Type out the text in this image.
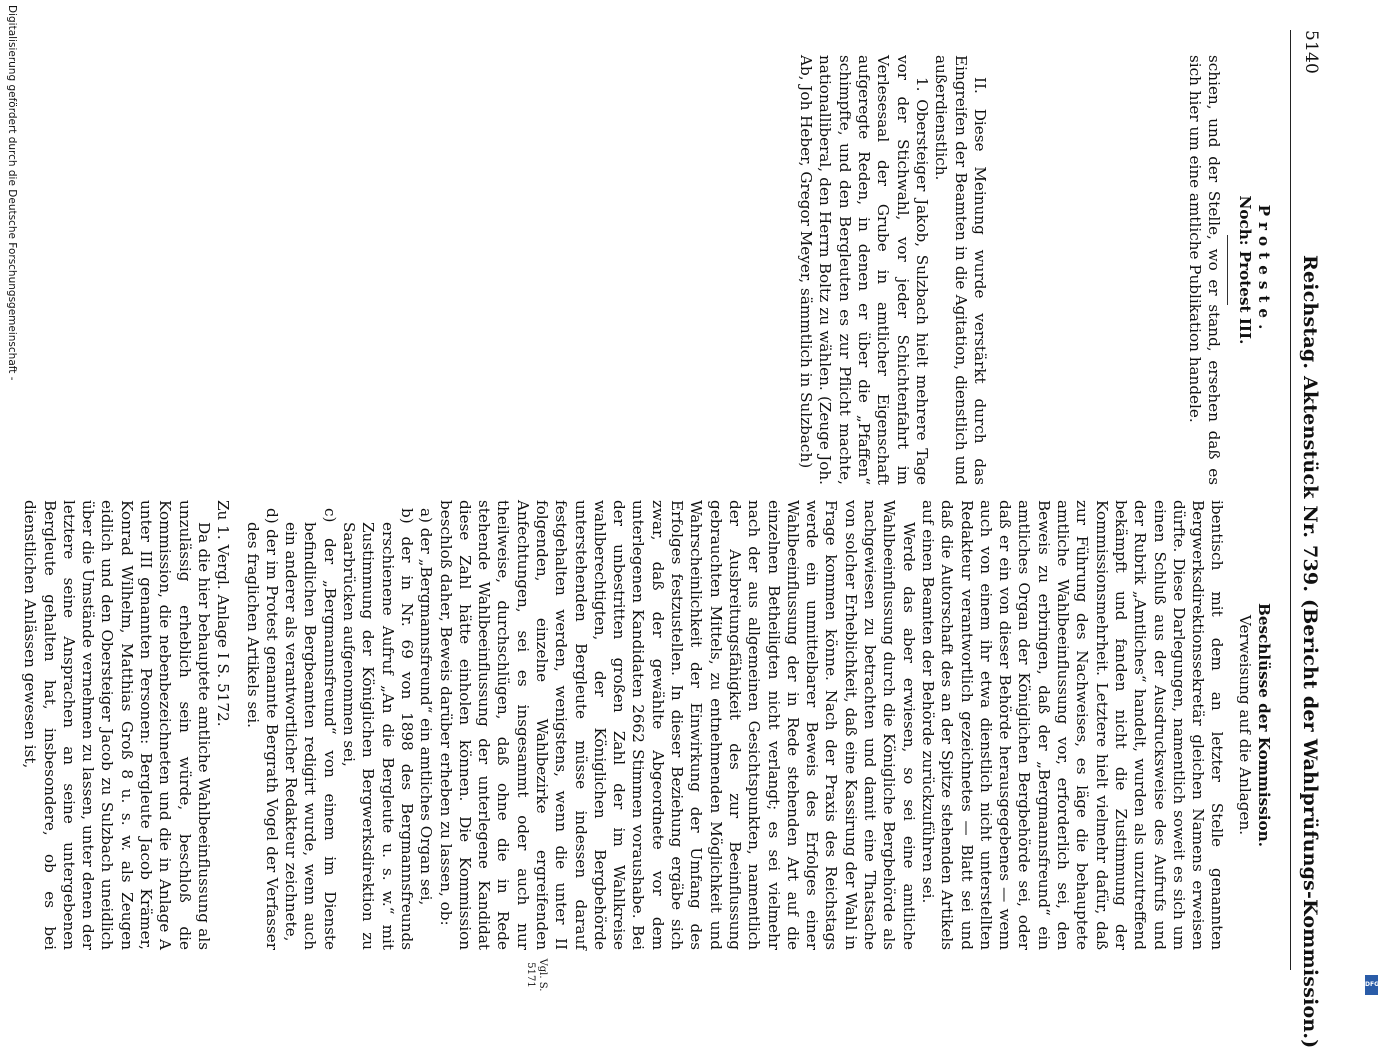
5140
Reichstag. Aktenstück Nr. 739. (Bericht der Wahlprüfungs-Kommission.)
Proteste.
Noch: Protest III.

schien, und der Stelle, wo er stand, ersehen daß es sich hier um eine amtliche Publikation handele.

II. Diese Meinung wurde verstärkt durch das Eingreifen der Beamten in die Agitation, dienstlich und außerdienstlich.

1. Obersteiger Jakob, Sulzbach hielt mehrere Tage vor der Stichwahl, vor jeder Schichtenfahrt im Verlesesaal der Grube in amtlicher Eigenschaft aufgeregte Reden, in denen er über die „Pfaffen“ schimpfte, und den Bergleuten es zur Pflicht machte, nationalliberal, den Herrn Boltz zu wählen. (Zeuge Joh. Ab, Joh Heber, Gregor Meyer, sämmtlich in Sulzbach)

Beschlüsse der Kommission.
Verweisung auf die Anlagen.

ibentisch mit dem an letzter Stelle genannten Bergwerksdirektionssekretär gleichen Namens erweisen dürfte. Diese Darlegungen, namentlich soweit es sich um einen Schluß aus der Ausdrucksweise des Aufrufs und der Rubrik „Amtliches“ handelt, wurden als unzutreffend bekämpft und fanden nicht die Zustimmung der Kommissionsmehrheit. Letztere hielt vielmehr dafür, daß zur Führung des Nachweises, es läge die behauptete amtliche Wahlbeeinflussung vor, erforderlich sei, den Beweis zu erbringen, daß der „Bergmannsfreund“ ein amtliches Organ der Königlichen Bergbehörde sei, oder daß er ein von dieser Behörde herausgegebenes — wenn auch von einem ihr etwa dienstlich nicht unterstellten Redakteur verantwortlich gezeichnetes — Blatt sei und daß die Autorschaft des an der Spitze stehenden Artikels auf einen Beamten der Behörde zurückzuführen sei.

Werde das aber erwiesen, so sei eine amtliche Wahlbeeinflussung durch die Königliche Bergbehörde als nachgewiesen zu betrachten und damit eine Thatsache von solcher Erheblichkeit, daß eine Kassirung der Wahl in Frage kommen könne. Nach der Praxis des Reichstags werde ein unmittelbarer Beweis des Erfolges einer Wahlbeeinflussung der in Rede stehenden Art auf die einzelnen Betheiligten nicht verlangt; es sei vielmehr nach der aus allgemeinen Gesichtspunkten, namentlich der Ausbreitungsfähigkeit des zur Beeinflussung gebrauchten Mittels, zu entnehmenden Möglichkeit und Wahrscheinlichkeit der Einwirkung der Umfang des Erfolges festzustellen. In dieser Beziehung ergäbe sich zwar, daß der gewählte Abgeordnete vor dem unterlegenen Kandidaten 2662 Stimmen voraushabe. Bei der unbestritten großen Zahl der im Wahlkreise wahlberechtigten, der Königlichen Bergbehörde unterstehenden Bergleute müsse indessen darauf festgehalten werden, wenigstens, wenn die unter II folgenden, einzelne Wahlbezirke ergreifenden Anfechtungen, sei es insgesammt oder auch nur theilweise, durchschlügen, daß ohne die in Rede stehende Wahlbeeinflussung der unterlegene Kandidat diese Zahl hätte einholen können. Die Kommission beschloß daher, Beweis darüber erheben zu lassen, ob:

a) der „Bergmannsfreund“ ein amtliches Organ sei,

b) der in Nr. 69 von 1898 des Bergmannsfreunds erschienene Aufruf „An die Bergleute u. s. w.“ mit Zustimmung der Königlichen Bergwerksdirektion zu Saarbrücken aufgenommen sei,

c) der „Bergmannsfreund“ von einem im Dienste befindlichen Bergbeamten redigirt wurde, wenn auch ein anderer als verantwortlicher Redakteur zeichnete,

d) der im Protest genannte Bergrath Vogel der Verfasser des fraglichen Artikels sei.

Zu 1. Vergl. Anlage I S. 5172.

Da die hier behauptete amtliche Wahlbeeinflussung als unzulässig erheblich sein würde, beschloß die Kommission, die nebenbezeichneten und die in Anlage A unter III genannten Personen: Bergleute Jacob Krämer, Konrad Wilhelm, Matthias Groß 8 u. s. w. als Zeugen eidlich und den Obersteiger Jacob zu Sulzbach uneidlich über die Umstände vernehmen zu lassen, unter denen der letztere seine Ansprachen an seine untergebenen Bergleute gehalten hat, insbesondere, ob es bei dienstlichen Anlässen gewesen ist,

Vgl. S. 5171
Digitalisierung gefördert durch die Deutsche Forschungsgemeinschaft -
DFG
